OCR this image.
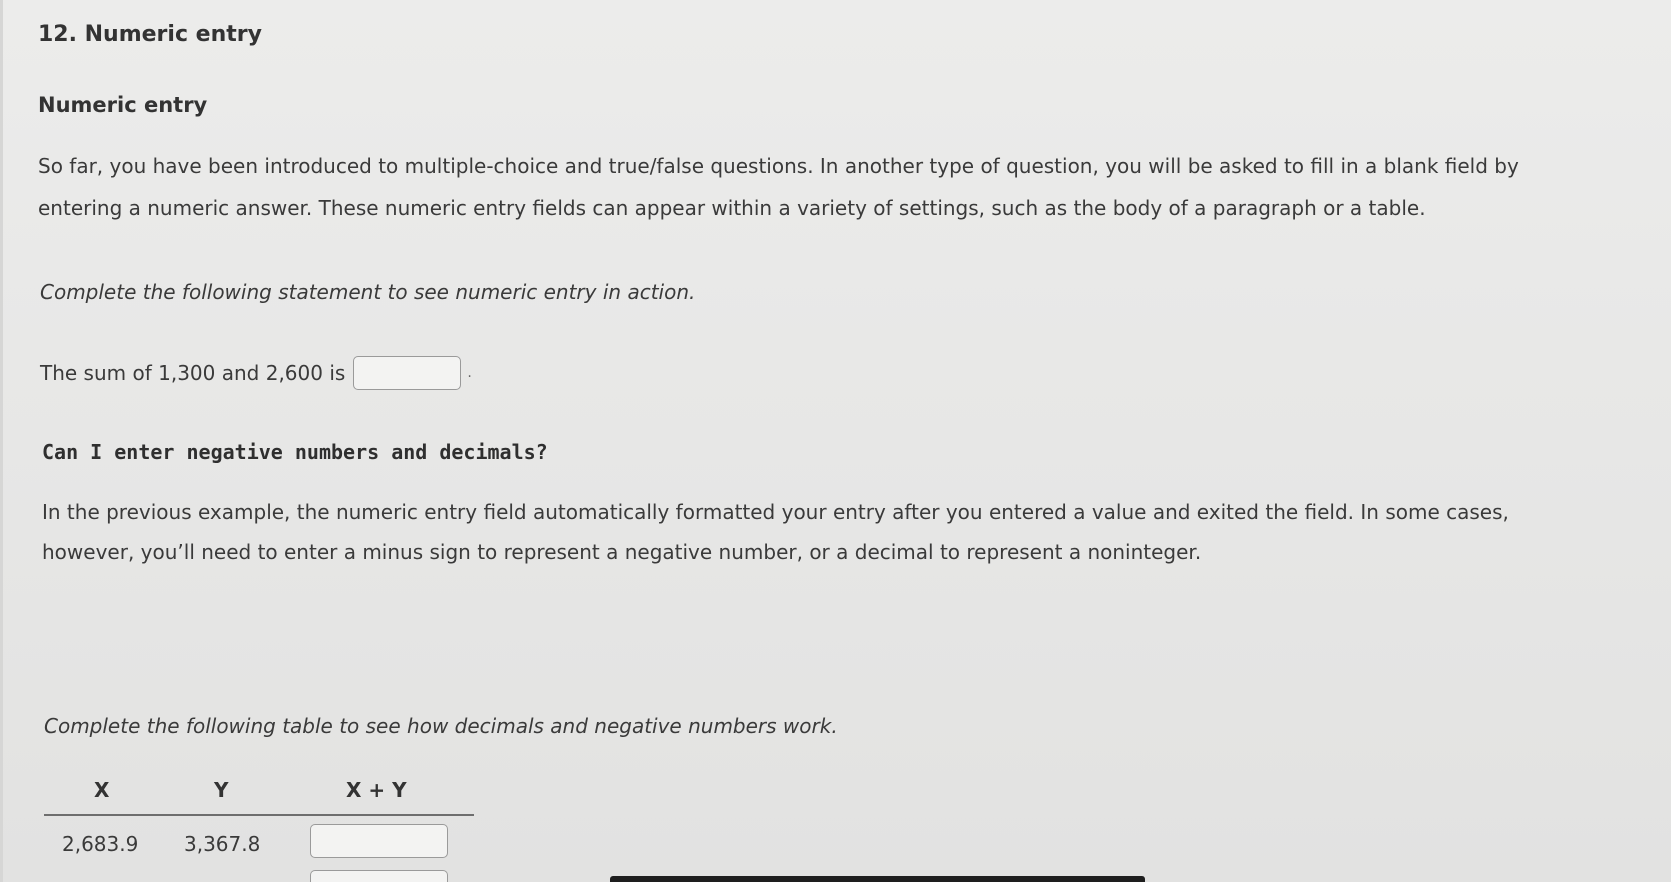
12. Numeric entry
Numeric entry
So far, you have been introduced to multiple-choice and true/false questions. In another type of question, you will be asked to fill in a blank field by
entering a numeric answer. These numeric entry fields can appear within a variety of settings, such as the body of a paragraph or a table.
Complete the following statement to see numeric entry in action.
The sum of 1,300 and 2,600 is	.
Can I enter negative numbers and decimals?
In the previous example, the numeric entry field automatically formatted your entry after you entered a value and exited the field. In some cases,
however, you’ll need to enter a minus sign to represent a negative number, or a decimal to represent a noninteger.
Complete the following table to see how decimals and negative numbers work.
X	Y	X + Y
2,683.9 3,367.8
